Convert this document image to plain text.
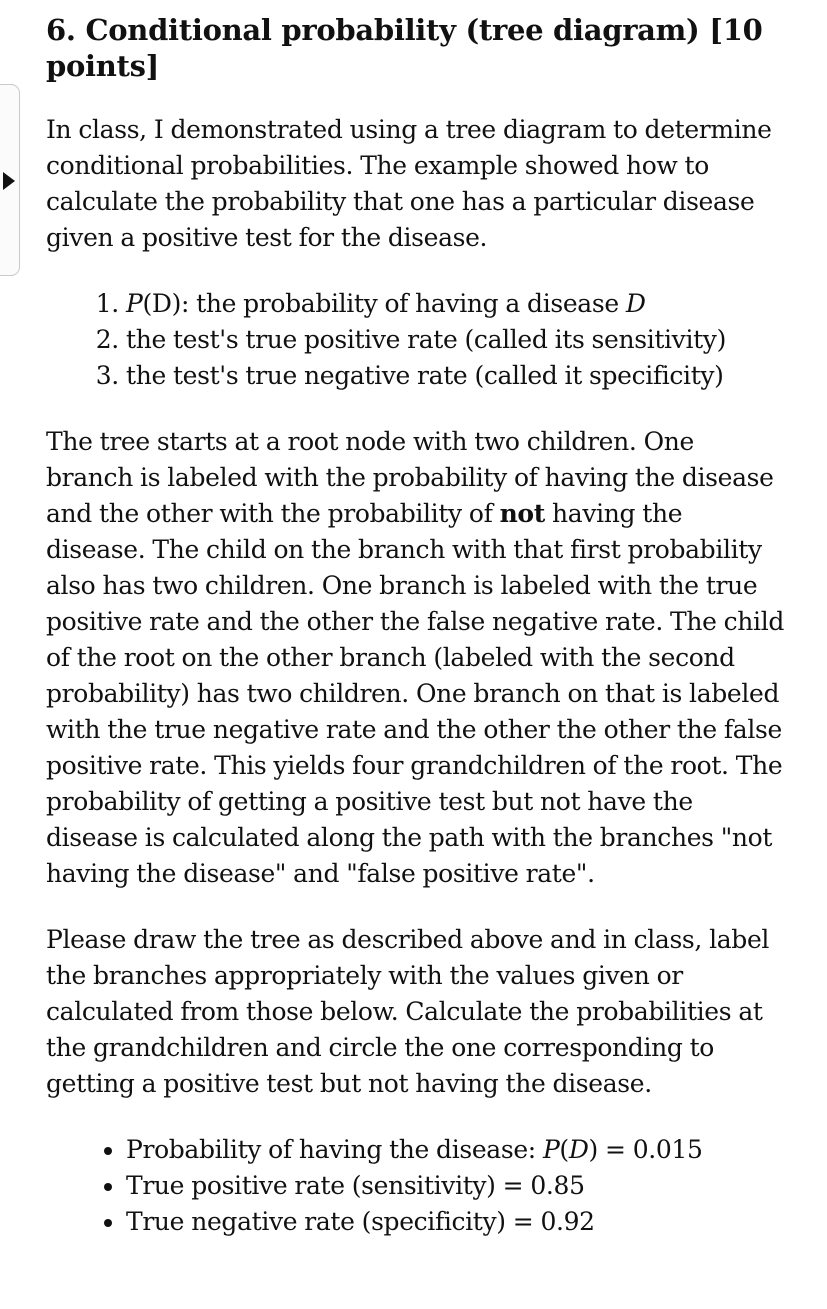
6. Conditional probability (tree diagram) [10 points]

In class, I demonstrated using a tree diagram to determine conditional probabilities. The example showed how to calculate the probability that one has a particular disease given a positive test for the disease.

1. P(D): the probability of having a disease D
2. the test's true positive rate (called its sensitivity)
3. the test's true negative rate (called it specificity)

The tree starts at a root node with two children. One branch is labeled with the probability of having the disease and the other with the probability of not having the disease. The child on the branch with that first probability also has two children. One branch is labeled with the true positive rate and the other the false negative rate. The child of the root on the other branch (labeled with the second probability) has two children. One branch on that is labeled with the true negative rate and the other the other the false positive rate. This yields four grandchildren of the root. The probability of getting a positive test but not have the disease is calculated along the path with the branches "not having the disease" and "false positive rate".

Please draw the tree as described above and in class, label the branches appropriately with the values given or calculated from those below. Calculate the probabilities at the grandchildren and circle the one corresponding to getting a positive test but not having the disease.

• Probability of having the disease: P(D) = 0.015
• True positive rate (sensitivity) = 0.85
• True negative rate (specificity) = 0.92
